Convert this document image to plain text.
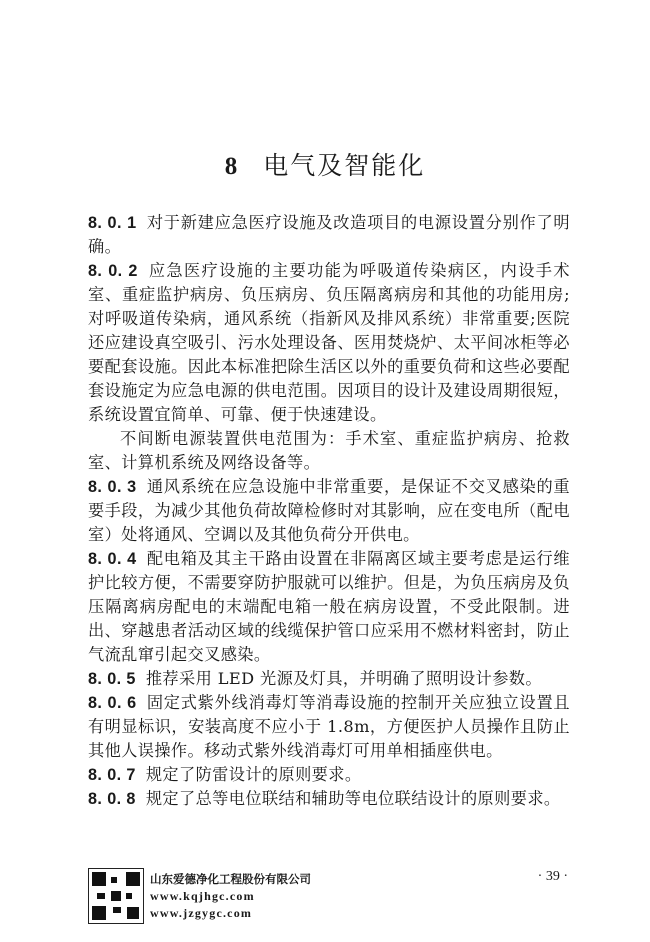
8 电气及智能化

8. 0. 1 对于新建应急医疗设施及改造项目的电源设置分别作了明确。

8. 0. 2 应急医疗设施的主要功能为呼吸道传染病区，内设手术室、重症监护病房、负压病房、负压隔离病房和其他的功能用房;对呼吸道传染病，通风系统（指新风及排风系统）非常重要;医院还应建设真空吸引、污水处理设备、医用焚烧炉、太平间冰柜等必要配套设施。因此本标准把除生活区以外的重要负荷和这些必要配套设施定为应急电源的供电范围。因项目的设计及建设周期很短，系统设置宜简单、可靠、便于快速建设。

不间断电源装置供电范围为：手术室、重症监护病房、抢救室、计算机系统及网络设备等。

8. 0. 3 通风系统在应急设施中非常重要，是保证不交叉感染的重要手段，为减少其他负荷故障检修时对其影响，应在变电所（配电室）处将通风、空调以及其他负荷分开供电。

8. 0. 4 配电箱及其主干路由设置在非隔离区域主要考虑是运行维护比较方便，不需要穿防护服就可以维护。但是，为负压病房及负压隔离病房配电的末端配电箱一般在病房设置，不受此限制。进出、穿越患者活动区域的线缆保护管口应采用不燃材料密封，防止气流乱窜引起交叉感染。

8. 0. 5 推荐采用 LED 光源及灯具，并明确了照明设计参数。

8. 0. 6 固定式紫外线消毒灯等消毒设施的控制开关应独立设置且有明显标识，安装高度不应小于 1.8m，方便医护人员操作且防止其他人误操作。移动式紫外线消毒灯可用单相插座供电。

8. 0. 7 规定了防雷设计的原则要求。

8. 0. 8 规定了总等电位联结和辅助等电位联结设计的原则要求。

山东爱德净化工程股份有限公司
www.kqjhgc.com
www.jzgygc.com
· 39 ·
